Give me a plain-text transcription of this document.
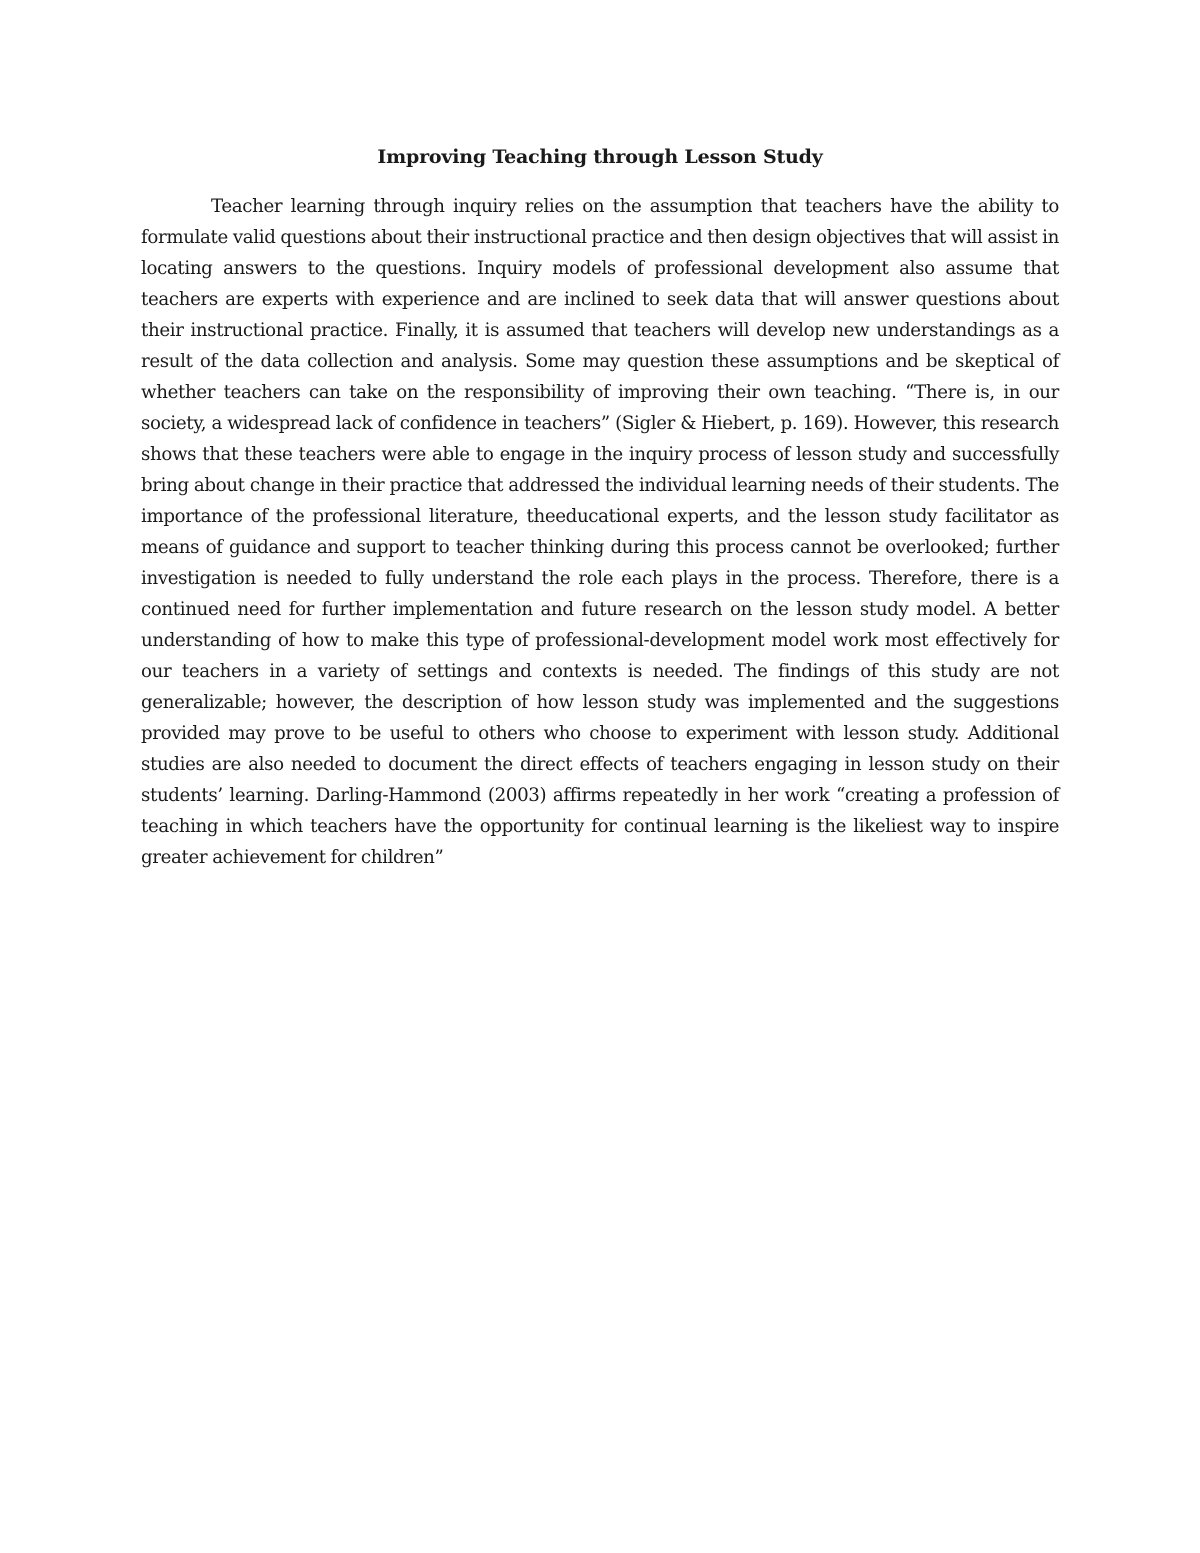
Improving Teaching through Lesson Study

Teacher learning through inquiry relies on the assumption that teachers have the ability to formulate valid questions about their instructional practice and then design objectives that will assist in locating answers to the questions. Inquiry models of professional development also assume that teachers are experts with experience and are inclined to seek data that will answer questions about their instructional practice. Finally, it is assumed that teachers will develop new understandings as a result of the data collection and analysis. Some may question these assumptions and be skeptical of whether teachers can take on the responsibility of improving their own teaching. “There is, in our society, a widespread lack of confidence in teachers” (Sigler & Hiebert, p. 169). However, this research shows that these teachers were able to engage in the inquiry process of lesson study and successfully bring about change in their practice that addressed the individual learning needs of their students. The importance of the professional literature, theeducational experts, and the lesson study facilitator as means of guidance and support to teacher thinking during this process cannot be overlooked; further investigation is needed to fully understand the role each plays in the process. Therefore, there is a continued need for further implementation and future research on the lesson study model. A better understanding of how to make this type of professional-development model work most effectively for our teachers in a variety of settings and contexts is needed. The findings of this study are not generalizable; however, the description of how lesson study was implemented and the suggestions provided may prove to be useful to others who choose to experiment with lesson study. Additional studies are also needed to document the direct effects of teachers engaging in lesson study on their students’ learning. Darling-Hammond (2003) affirms repeatedly in her work “creating a profession of teaching in which teachers have the opportunity for continual learning is the likeliest way to inspire greater achievement for children”
